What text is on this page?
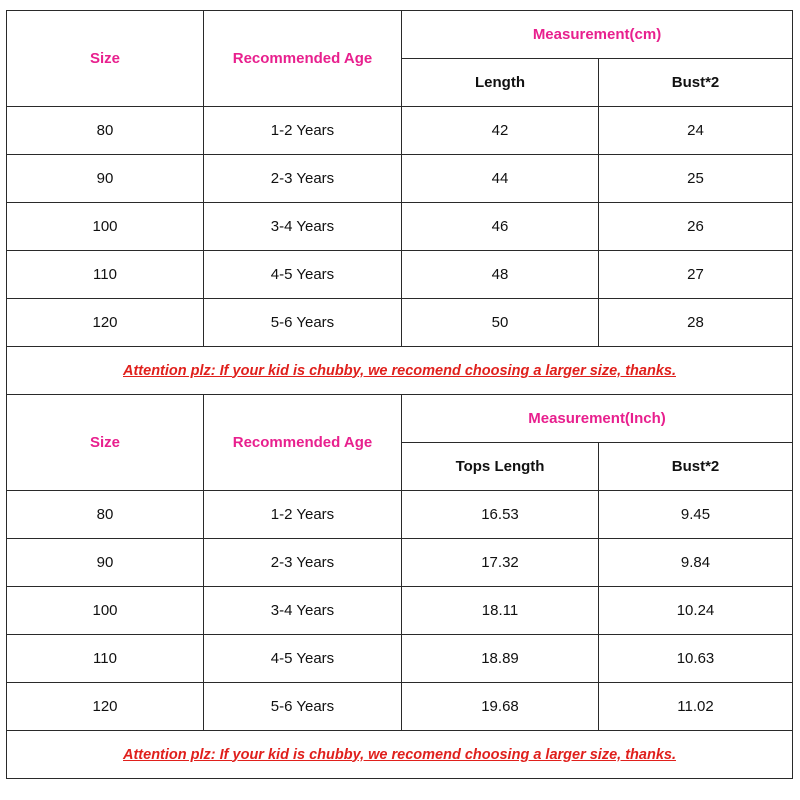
Size	Recommended Age	Measurement(cm)	
		Length	Bust*2
80	1-2 Years	42	24
90	2-3 Years	44	25
100	3-4 Years	46	26
110	4-5 Years	48	27
120	5-6 Years	50	28
Attention plz: If your kid is chubby, we recomend choosing a larger size, thanks.			
Size	Recommended Age	Measurement(Inch)	
		Tops Length	Bust*2
80	1-2 Years	16.53	9.45
90	2-3 Years	17.32	9.84
100	3-4 Years	18.11	10.24
110	4-5 Years	18.89	10.63
120	5-6 Years	19.68	11.02
Attention plz: If your kid is chubby, we recomend choosing a larger size, thanks.			
